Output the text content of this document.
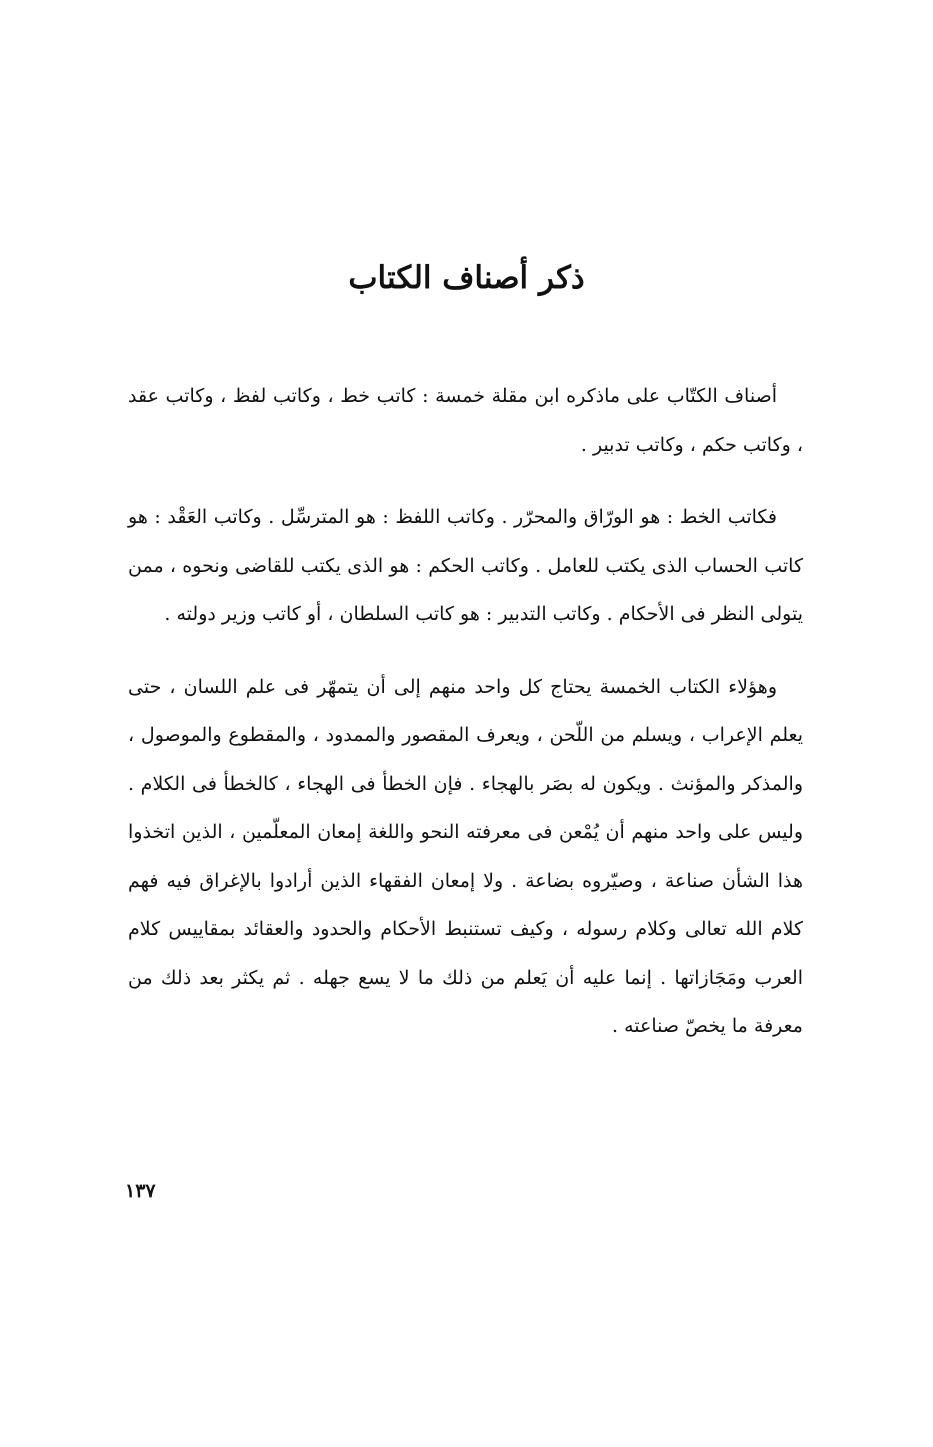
ذكر أصناف الكتاب

أصناف الكتّاب على ماذكره ابن مقلة خمسة : كاتب خط ، وكاتب لفظ ، وكاتب عقد ، وكاتب حكم ، وكاتب تدبير .

فكاتب الخط : هو الورّاق والمحرّر . وكاتب اللفظ : هو المترسِّل . وكاتب العَقْد : هو كاتب الحساب الذى يكتب للعامل . وكاتب الحكم : هو الذى يكتب للقاضى ونحوه ، ممن يتولى النظر فى الأحكام . وكاتب التدبير : هو كاتب السلطان ، أو كاتب وزير دولته .

وهؤلاء الكتاب الخمسة يحتاج كل واحد منهم إلى أن يتمهّر فى علم اللسان ، حتى يعلم الإعراب ، ويسلم من اللّحن ، ويعرف المقصور والممدود ، والمقطوع والموصول ، والمذكر والمؤنث . ويكون له بصَر بالهجاء . فإن الخطأ فى الهجاء ، كالخطأ فى الكلام . وليس على واحد منهم أن يُمْعن فى معرفته النحو واللغة إمعان المعلّمين ، الذين اتخذوا هذا الشأن صناعة ، وصيّروه بضاعة . ولا إمعان الفقهاء الذين أرادوا بالإغراق فيه فهم كلام الله تعالى وكلام رسوله ، وكيف تستنبط الأحكام والحدود والعقائد بمقاييس كلام العرب ومَجَازاتها . إنما عليه أن يَعلم من ذلك ما لا يسع جهله . ثم يكثر بعد ذلك من معرفة ما يخصّ صناعته .

١٣٧
